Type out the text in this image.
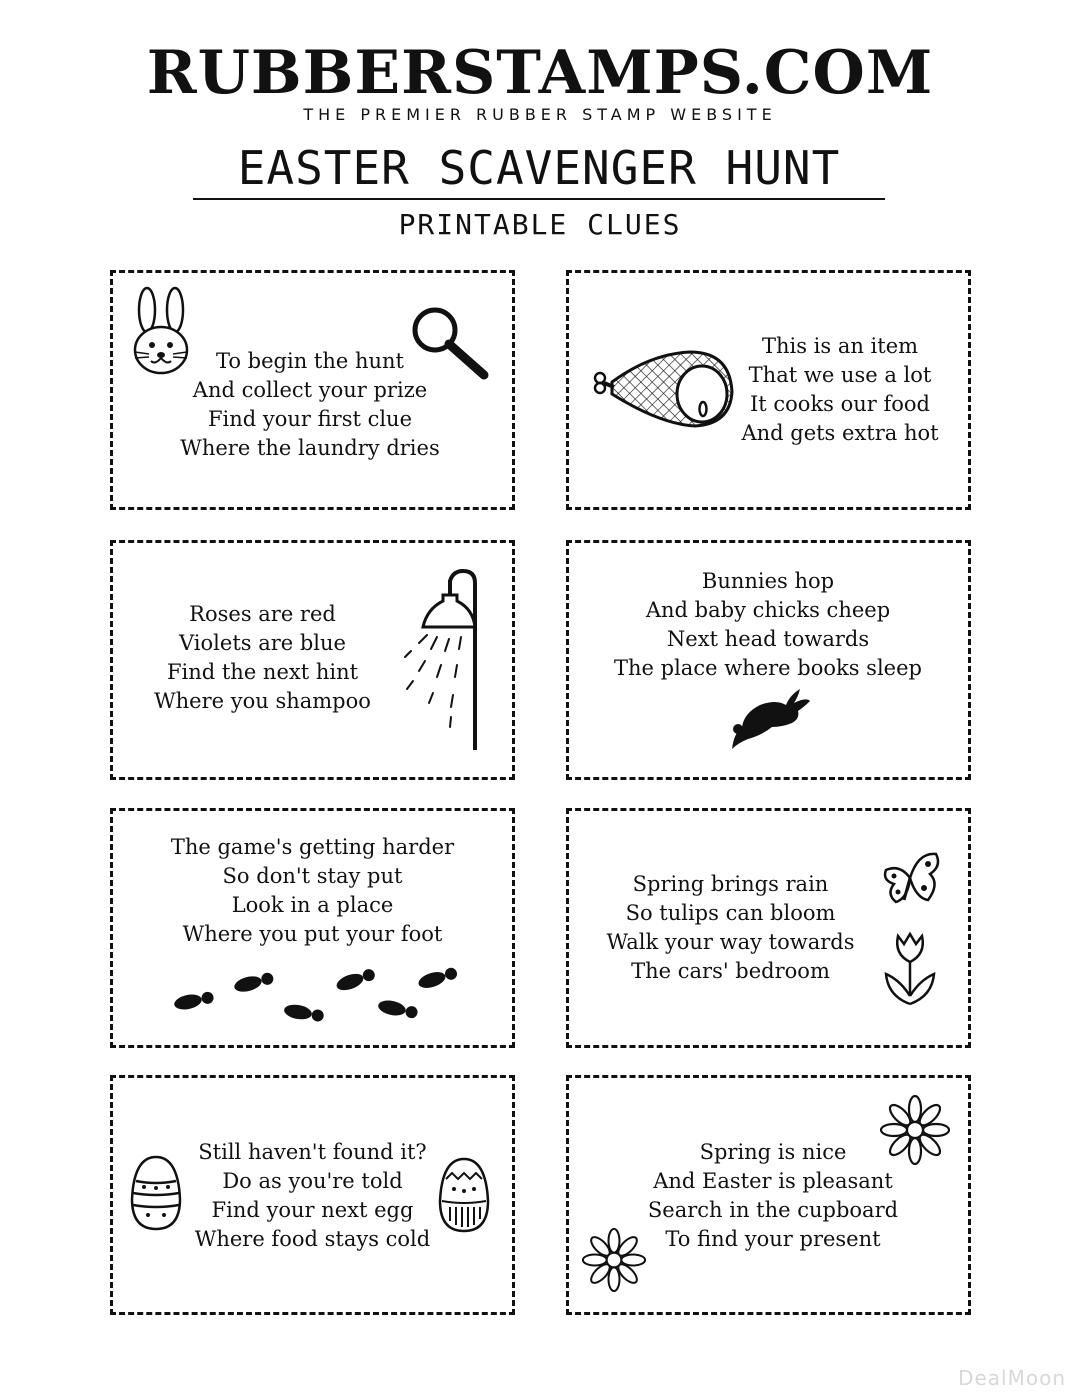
RUBBERSTAMPS.COM
THE PREMIER RUBBER STAMP WEBSITE
EASTER SCAVENGER HUNT
PRINTABLE CLUES
To begin the hunt
And collect your prize
Find your first clue
Where the laundry dries
This is an item
That we use a lot
It cooks our food
And gets extra hot
Roses are red
Violets are blue
Find the next hint
Where you shampoo
Bunnies hop
And baby chicks cheep
Next head towards
The place where books sleep
The game's getting harder
So don't stay put
Look in a place
Where you put your foot
Spring brings rain
So tulips can bloom
Walk your way towards
The cars' bedroom
Still haven't found it?
Do as you're told
Find your next egg
Where food stays cold
Spring is nice
And Easter is pleasant
Search in the cupboard
To find your present
DealMoon
